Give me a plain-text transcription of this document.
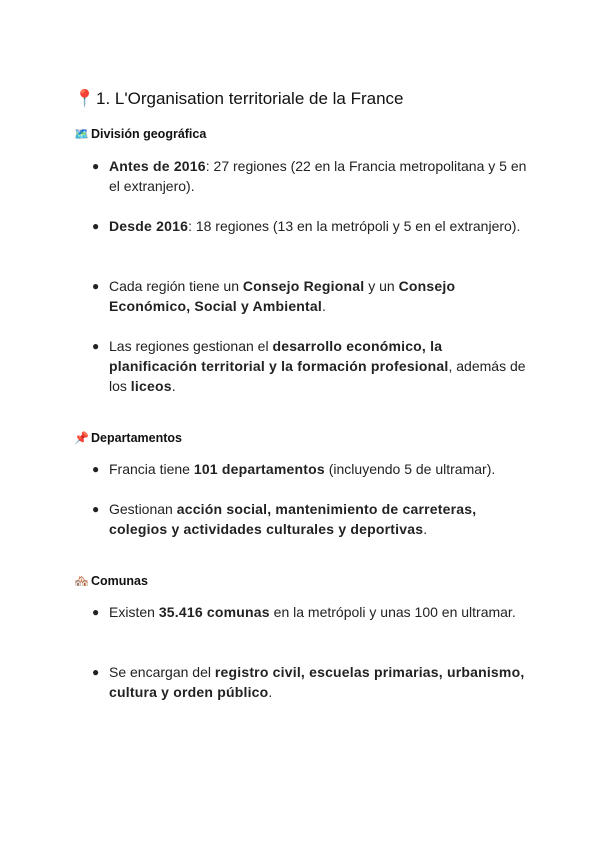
📍1. L'Organisation territoriale de la France
🗺️ División geográfica
● Antes de 2016: 27 regiones (22 en la Francia metropolitana y 5 en el extranjero).
● Desde 2016: 18 regiones (13 en la metrópoli y 5 en el extranjero).
● Cada región tiene un Consejo Regional y un Consejo Económico, Social y Ambiental.
● Las regiones gestionan el desarrollo económico, la planificación territorial y la formación profesional, además de los liceos.
📌 Departamentos
● Francia tiene 101 departamentos (incluyendo 5 de ultramar).
● Gestionan acción social, mantenimiento de carreteras, colegios y actividades culturales y deportivas.
🏘️ Comunas
● Existen 35.416 comunas en la metrópoli y unas 100 en ultramar.
● Se encargan del registro civil, escuelas primarias, urbanismo, cultura y orden público.
